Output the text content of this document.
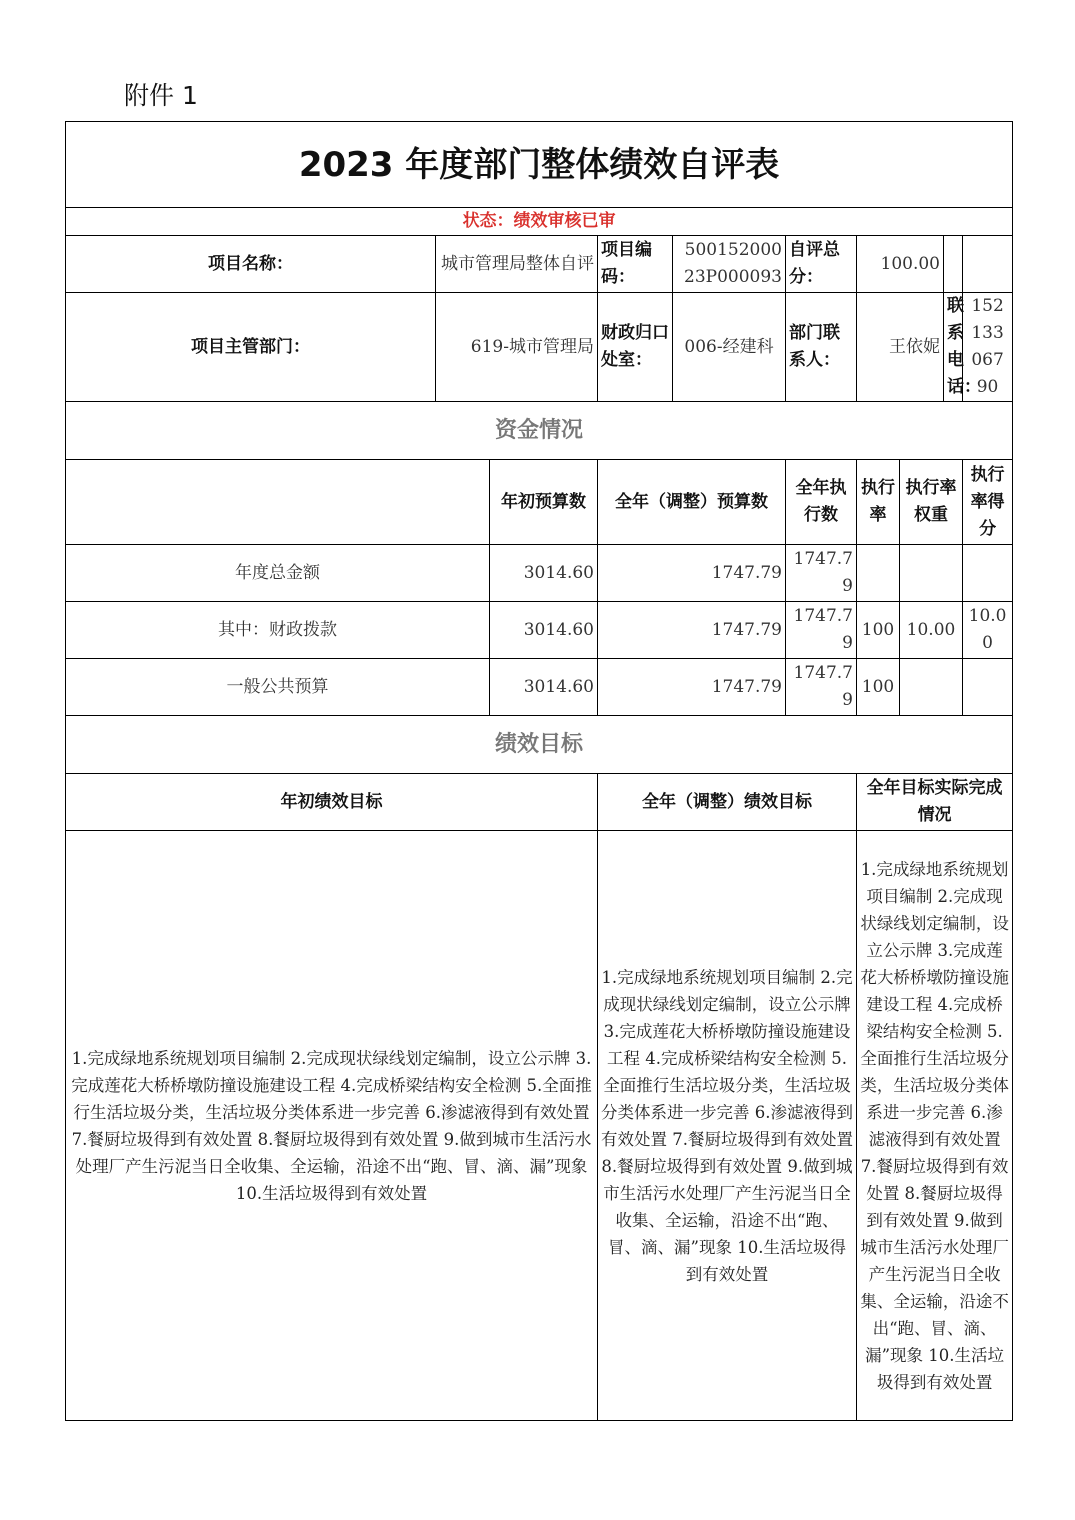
附件 1
2023 年度部门整体绩效自评表									
状态：绩效审核已审									
项目名称：	城市管理局整体自评		项目编码：	50015200023P000093	自评总分：	100.00			
项目主管部门：	619-城市管理局		财政归口处室：	006-经建科	部门联系人：	王依妮		联系电话：	15213306790
资金情况									
		年初预算数	全年（调整）预算数		全年执行数	执行率	执行率权重		执行率得分
年度总金额		3014.60	1747.79		1747.79				
其中：财政拨款		3014.60	1747.79		1747.79	100	10.00		10.00
一般公共预算		3014.60	1747.79		1747.79	100			
绩效目标									
年初绩效目标			全年（调整）绩效目标			全年目标实际完成情况			
1.完成绿地系统规划项目编制 2.完成现状绿线划定编制，设立公示牌 3.完成莲花大桥桥墩防撞设施建设工程 4.完成桥梁结构安全检测 5.全面推行生活垃圾分类，生活垃圾分类体系进一步完善 6.渗滤液得到有效处置 7.餐厨垃圾得到有效处置 8.餐厨垃圾得到有效处置 9.做到城市生活污水处理厂产生污泥当日全收集、全运输，沿途不出“跑、冒、滴、漏”现象 10.生活垃圾得到有效处置			1.完成绿地系统规划项目编制 2.完成现状绿线划定编制，设立公示牌 3.完成莲花大桥桥墩防撞设施建设工程 4.完成桥梁结构安全检测 5.全面推行生活垃圾分类，生活垃圾分类体系进一步完善 6.渗滤液得到有效处置 7.餐厨垃圾得到有效处置 8.餐厨垃圾得到有效处置 9.做到城市生活污水处理厂产生污泥当日全收集、全运输，沿途不出“跑、冒、滴、漏”现象 10.生活垃圾得到有效处置			1.完成绿地系统规划项目编制 2.完成现状绿线划定编制，设立公示牌 3.完成莲花大桥桥墩防撞设施建设工程 4.完成桥梁结构安全检测 5.全面推行生活垃圾分类，生活垃圾分类体系进一步完善 6.渗滤液得到有效处置 7.餐厨垃圾得到有效处置 8.餐厨垃圾得到有效处置 9.做到城市生活污水处理厂产生污泥当日全收集、全运输，沿途不出“跑、冒、滴、漏”现象 10.生活垃圾得到有效处置			
